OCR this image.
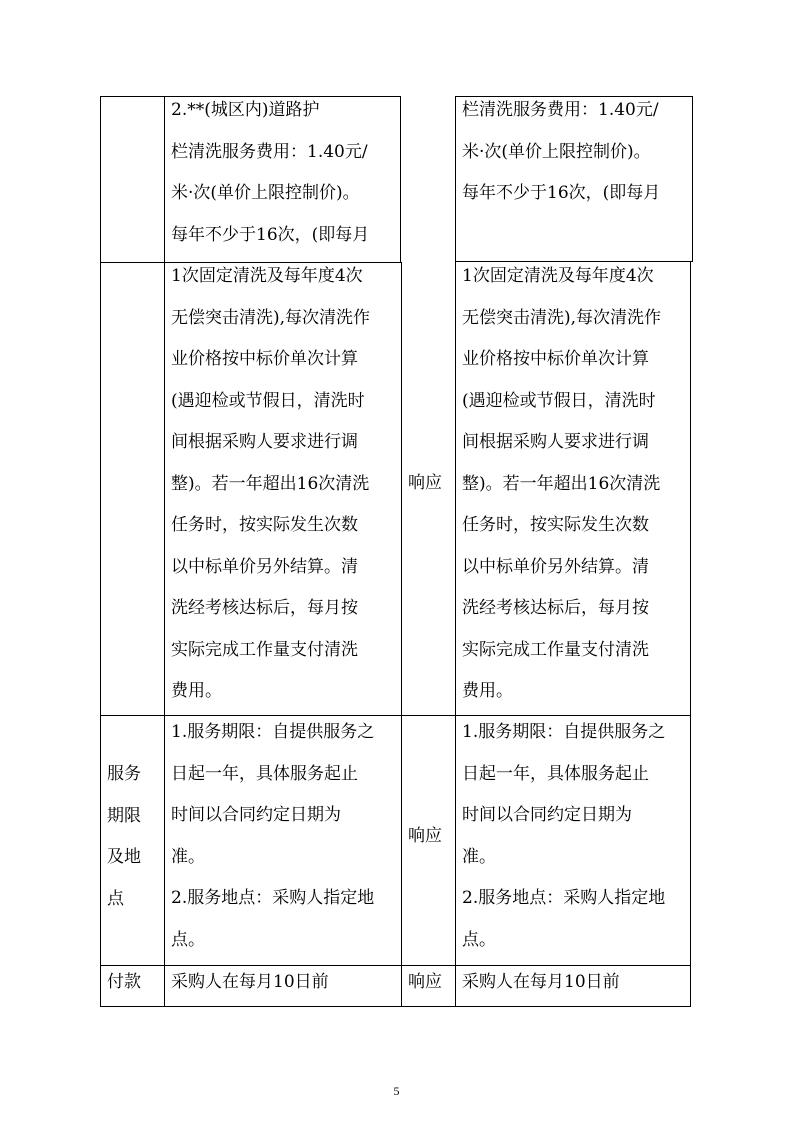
2.**(城区内)道路护
栏清洗服务费用：1.40元/
米·次(单价上限控制价)。
每年不少于16次，(即每月
栏清洗服务费用：1.40元/
米·次(单价上限控制价)。
每年不少于16次，(即每月
1次固定清洗及每年度4次
无偿突击清洗),每次清洗作
业价格按中标价单次计算
(遇迎检或节假日，清洗时
间根据采购人要求进行调
整)。若一年超出16次清洗
任务时，按实际发生次数
以中标单价另外结算。清
洗经考核达标后，每月按
实际完成工作量支付清洗
费用。
响应
1次固定清洗及每年度4次
无偿突击清洗),每次清洗作
业价格按中标价单次计算
(遇迎检或节假日，清洗时
间根据采购人要求进行调
整)。若一年超出16次清洗
任务时，按实际发生次数
以中标单价另外结算。清
洗经考核达标后，每月按
实际完成工作量支付清洗
费用。
服务
期限
及地
点
1.服务期限：自提供服务之
日起一年，具体服务起止
时间以合同约定日期为
准。
2.服务地点：采购人指定地
点。
响应
1.服务期限：自提供服务之
日起一年，具体服务起止
时间以合同约定日期为
准。
2.服务地点：采购人指定地
点。
付款 采购人在每月10日前	响应 采购人在每月10日前
5
